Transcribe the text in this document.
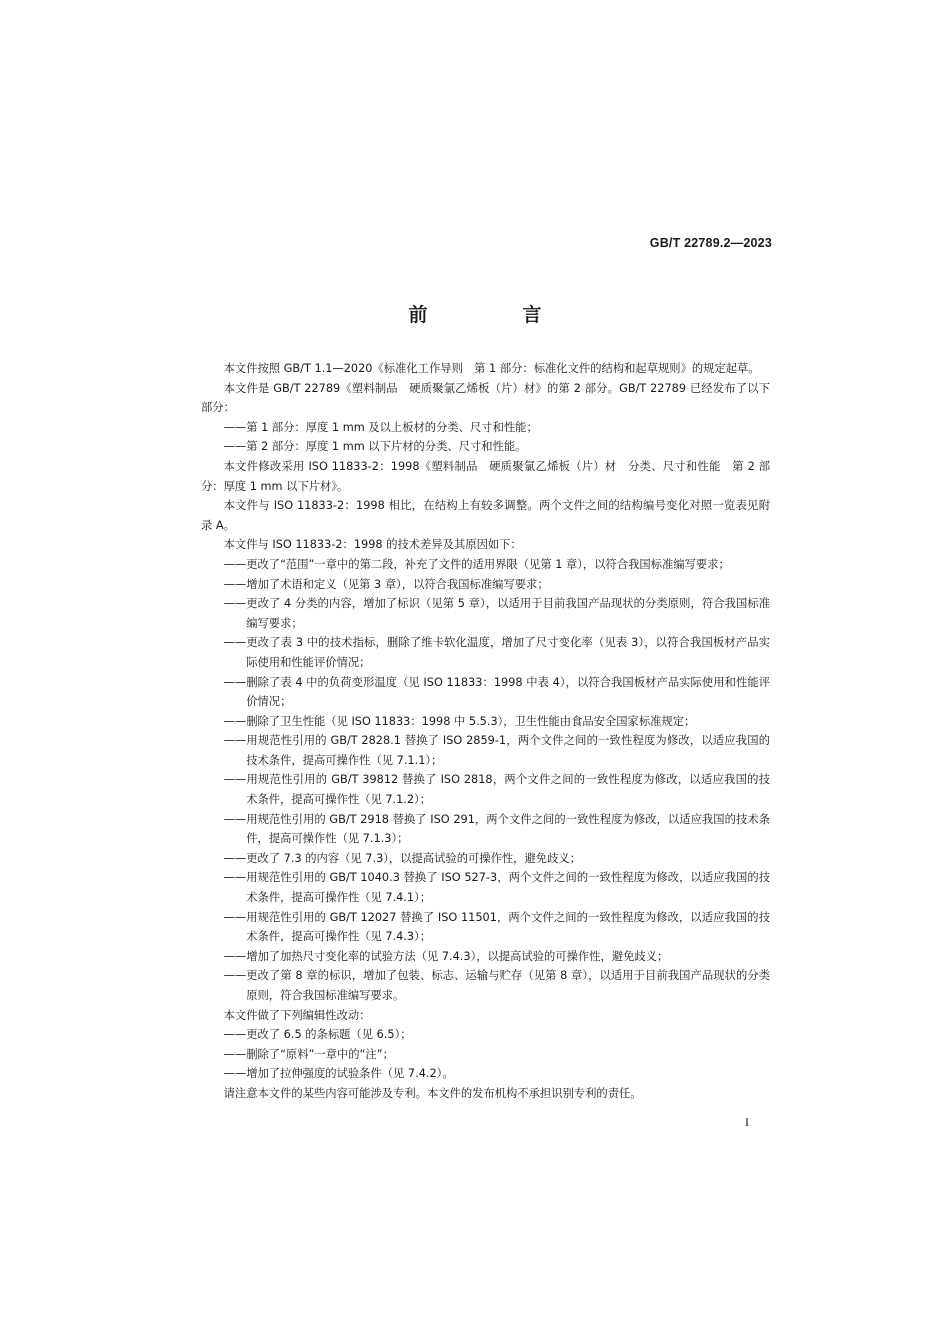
GB/T 22789.2—2023
前　言

本文件按照 GB/T 1.1—2020《标准化工作导则　第 1 部分：标准化文件的结构和起草规则》的规定起草。

本文件是 GB/T 22789《塑料制品　硬质聚氯乙烯板（片）材》的第 2 部分。GB/T 22789 已经发布了以下部分：

——第 1 部分：厚度 1 mm 及以上板材的分类、尺寸和性能；

——第 2 部分：厚度 1 mm 以下片材的分类、尺寸和性能。

本文件修改采用 ISO 11833-2：1998《塑料制品　硬质聚氯乙烯板（片）材　分类、尺寸和性能　第 2 部分：厚度 1 mm 以下片材》。

本文件与 ISO 11833-2：1998 相比，在结构上有较多调整。两个文件之间的结构编号变化对照一览表见附录 A。

本文件与 ISO 11833-2：1998 的技术差异及其原因如下：

——更改了“范围”一章中的第二段，补充了文件的适用界限（见第 1 章），以符合我国标准编写要求；

——增加了术语和定义（见第 3 章），以符合我国标准编写要求；

——更改了 4 分类的内容，增加了标识（见第 5 章），以适用于目前我国产品现状的分类原则，符合我国标准编写要求；

——更改了表 3 中的技术指标，删除了维卡软化温度，增加了尺寸变化率（见表 3），以符合我国板材产品实际使用和性能评价情况；

——删除了表 4 中的负荷变形温度（见 ISO 11833：1998 中表 4），以符合我国板材产品实际使用和性能评价情况；

——删除了卫生性能（见 ISO 11833：1998 中 5.5.3），卫生性能由食品安全国家标准规定；

——用规范性引用的 GB/T 2828.1 替换了 ISO 2859-1，两个文件之间的一致性程度为修改，以适应我国的技术条件，提高可操作性（见 7.1.1）；

——用规范性引用的 GB/T 39812 替换了 ISO 2818，两个文件之间的一致性程度为修改，以适应我国的技术条件，提高可操作性（见 7.1.2）；

——用规范性引用的 GB/T 2918 替换了 ISO 291，两个文件之间的一致性程度为修改，以适应我国的技术条件，提高可操作性（见 7.1.3）；

——更改了 7.3 的内容（见 7.3），以提高试验的可操作性，避免歧义；

——用规范性引用的 GB/T 1040.3 替换了 ISO 527-3，两个文件之间的一致性程度为修改，以适应我国的技术条件，提高可操作性（见 7.4.1）；

——用规范性引用的 GB/T 12027 替换了 ISO 11501，两个文件之间的一致性程度为修改，以适应我国的技术条件，提高可操作性（见 7.4.3）；

——增加了加热尺寸变化率的试验方法（见 7.4.3），以提高试验的可操作性，避免歧义；

——更改了第 8 章的标识，增加了包装、标志、运输与贮存（见第 8 章），以适用于目前我国产品现状的分类原则，符合我国标准编写要求。

本文件做了下列编辑性改动：

——更改了 6.5 的条标题（见 6.5）；

——删除了“原料”一章中的“注”；

——增加了拉伸强度的试验条件（见 7.4.2）。

请注意本文件的某些内容可能涉及专利。本文件的发布机构不承担识别专利的责任。

I
